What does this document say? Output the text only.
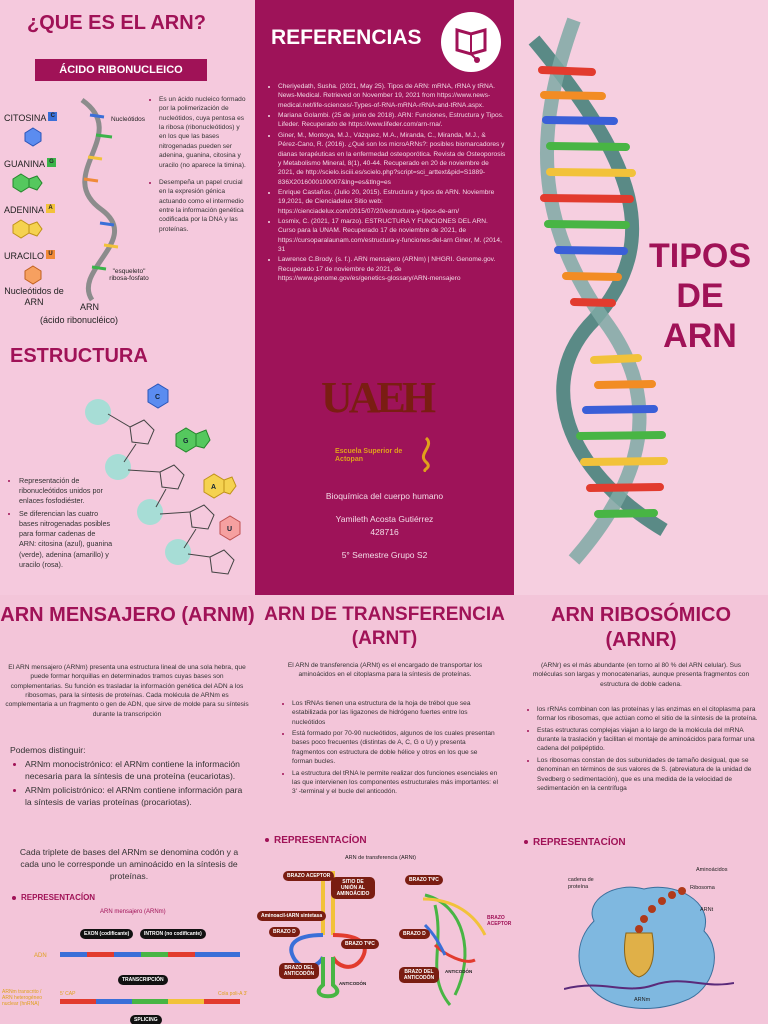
¿QUE ES EL ARN?
ÁCIDO RIBONUCLEICO
CITOSINA C
GUANINA G
ADENINA A
URACILO U
Nucleótidos de ARN
Nucleótidos
"esqueleto" ribosa-fosfato
ARN
(ácido ribonucléico)
• Es un ácido nucleico formado por la polimerización de nucleótidos, cuya pentosa es la ribosa (ribonucleótidos) y en los que las bases nitrogenadas pueden ser adenina, guanina, citosina y uracilo (no aparece la timina).
• Desempeña un papel crucial en la expresión génica actuando como el intermedio entre la información genética codificada por la DNA y las proteínas.
ESTRUCTURA
C
G
A
U
• Representación de ribonucleótidos unidos por enlaces fosfodiéster.
• Se diferencian las cuatro bases nitrogenadas posibles para formar cadenas de ARN: citosina (azul), guanina (verde), adenina (amarillo) y uracilo (rosa).
REFERENCIAS
• Cheriyedath, Susha. (2021, May 25). Tipos de ARN: mRNA, rRNA y tRNA. News-Medical. Retrieved on November 19, 2021 from https://www.news-medical.net/life-sciences/-Types-of-RNA-mRNA-rRNA-and-tRNA.aspx.
• Mariana Golambi. (25 de junio de 2018). ARN: Funciones, Estructura y Tipos. Lifeder. Recuperado de https://www.lifeder.com/arn-rna/.
• Giner, M., Montoya, M.J., Vázquez, M.A., Miranda, C., Miranda, M.J., & Pérez-Cano, R. (2016). ¿Qué son los microARNs?: posibles biomarcadores y dianas terapéuticas en la enfermedad osteoporótica. Revista de Osteoporosis y Metabolismo Mineral, 8(1), 40-44. Recuperado en 20 de noviembre de 2021, de http://scielo.isciii.es/scielo.php?script=sci_arttext&pid=S1889-836X2016000100007&lng=es&tlng=es
• Enrique Castaños. (Julio 20, 2015). Estructura y tipos de ARN. Noviembre 19,2021, de Cienciadelux Sitio web: https://cienciadelux.com/2015/07/20/estructura-y-tipos-de-arn/
• Losmix, C. (2021, 17 marzo). ESTRUCTURA Y FUNCIONES DEL ARN. Curso para la UNAM. Recuperado 17 de noviembre de 2021, de https://cursoparalaunam.com/estructura-y-funciones-del-arn Giner, M. (2014, 31
• Lawrence C.Brody. (s. f.). ARN mensajero (ARNm) | NHGRI. Genome.gov. Recuperado 17 de noviembre de 2021, de https://www.genome.gov/es/genetics-glossary/ARN-mensajero
UAEH
Escuela Superior de Actopan
Bioquímica del cuerpo humano
Yamileth Acosta Gutiérrez
428716
5° Semestre Grupo S2
TIPOS
DE
ARN
ARN MENSAJERO (ARNM)
El ARN mensajero (ARNm) presenta una estructura lineal de una sola hebra, que puede formar horquillas en determinados tramos cuyas bases son complementarias. Su función es trasladar la información genética del ADN a los ribosomas, para la síntesis de proteínas. Cada molécula de ARNm es complementaria a un fragmento o gen de ADN, que sirve de molde para su síntesis durante la transcripción
Podemos distinguir:
• ARNm monocistrónico: el ARNm contiene la información necesaria para la síntesis de una proteína (eucariotas).
• ARNm policistrónico: el ARNm contiene información para la síntesis de varias proteínas (procariotas).
Cada triplete de bases del ARNm se denomina codón y a cada uno le corresponde un aminoácido en la síntesis de proteínas.
REPRESENTACÍON
ARN mensajero (ARNm)
EXON (codificante)	INTRON (no codificante)
ADN
TRANSCRIPCIÓN
ARNm transcrito / ARN heterogéneo nuclear (hnRNA)
5' CAP	Cola poli-A 3'
SPLICING
ARN DE TRANSFERENCIA (ARNT)
El ARN de transferencia (ARNt) es el encargado de transportar los aminoácidos en el citoplasma para la síntesis de proteínas.
• Los tRNAs tienen una estructura de la hoja de trébol que sea estabilizada por las ligazones de hidrógeno fuertes entre los nucleótidos
• Está formado por 70-90 nucleótidos, algunos de los cuales presentan bases poco frecuentes (distintas de A, C, G o U) y presenta fragmentos con estructura de doble hélice y otros en los que se forman bucles.
• La estructura del tRNA le permite realizar dos funciones esenciales en las que intervienen los componentes estructurales más importantes: el 3' -terminal y el bucle del anticodón.
REPRESENTACÍON
ARN de transferencia (ARNt)
BRAZO ACEPTOR
SITIO DE UNIÓN AL AMINOÁCIDO
BRAZO TΨC
Aminoacil-tARN sintetasa
BRAZO D
BRAZO TΨC
BRAZO D
BRAZO ACEPTOR
BRAZO DEL ANTICODÓN
ANTICODÓN
BRAZO DEL ANTICODÓN
ANTICODÓN
ARN RIBOSÓMICO (ARNR)
(ARNr) es el más abundante (en torno al 80 % del ARN celular). Sus moléculas son largas y monocatenarias, aunque presenta fragmentos con estructura de doble cadena.
• los rRNAs combinan con las proteínas y las enzimas en el citoplasma para formar los ribosomas, que actúan como el sitio de la síntesis de la proteína.
• Estas estructuras complejas viajan a lo largo de la molécula del mRNA durante la traslación y facilitan el montaje de aminoácidos para formar una cadena del polipéptido.
• Los ribosomas constan de dos subunidades de tamaño desigual, que se denominan en términos de sus valores de S. (abreviatura de la unidad de Svedberg o sedimentación), que es una medida de la velocidad de sedimentación en la centrífuga
REPRESENTACÍON
cadena de proteína
Aminoácidos
Ribosoma
ARNt
ARNm
